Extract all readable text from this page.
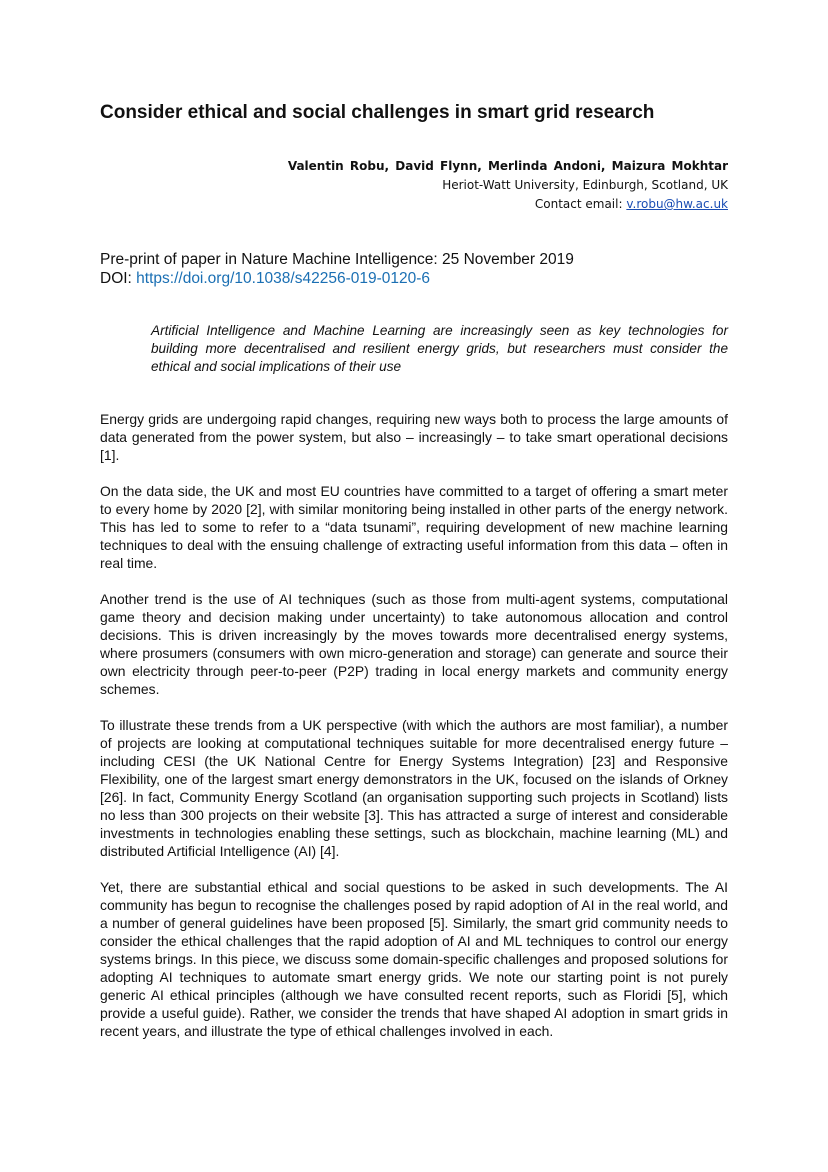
Consider ethical and social challenges in smart grid research
Valentin Robu, David Flynn, Merlinda Andoni, Maizura Mokhtar
Heriot-Watt University, Edinburgh, Scotland, UK
Contact email: v.robu@hw.ac.uk
Pre-print of paper in Nature Machine Intelligence: 25 November 2019
DOI: https://doi.org/10.1038/s42256-019-0120-6

Artificial Intelligence and Machine Learning are increasingly seen as key technologies for building more decentralised and resilient energy grids, but researchers must consider the ethical and social implications of their use

Energy grids are undergoing rapid changes, requiring new ways both to process the large amounts of data generated from the power system, but also – increasingly – to take smart operational decisions [1].

On the data side, the UK and most EU countries have committed to a target of offering a smart meter to every home by 2020 [2], with similar monitoring being installed in other parts of the energy network. This has led to some to refer to a “data tsunami”, requiring development of new machine learning techniques to deal with the ensuing challenge of extracting useful information from this data – often in real time.

Another trend is the use of AI techniques (such as those from multi-agent systems, computational game theory and decision making under uncertainty) to take autonomous allocation and control decisions. This is driven increasingly by the moves towards more decentralised energy systems, where prosumers (consumers with own micro-generation and storage) can generate and source their own electricity through peer-to-peer (P2P) trading in local energy markets and community energy schemes.

To illustrate these trends from a UK perspective (with which the authors are most familiar), a number of projects are looking at computational techniques suitable for more decentralised energy future – including CESI (the UK National Centre for Energy Systems Integration) [23] and Responsive Flexibility, one of the largest smart energy demonstrators in the UK, focused on the islands of Orkney [26]. In fact, Community Energy Scotland (an organisation supporting such projects in Scotland) lists no less than 300 projects on their website [3]. This has attracted a surge of interest and considerable investments in technologies enabling these settings, such as blockchain, machine learning (ML) and distributed Artificial Intelligence (AI) [4].

Yet, there are substantial ethical and social questions to be asked in such developments. The AI community has begun to recognise the challenges posed by rapid adoption of AI in the real world, and a number of general guidelines have been proposed [5]. Similarly, the smart grid community needs to consider the ethical challenges that the rapid adoption of AI and ML techniques to control our energy systems brings. In this piece, we discuss some domain-specific challenges and proposed solutions for adopting AI techniques to automate smart energy grids. We note our starting point is not purely generic AI ethical principles (although we have consulted recent reports, such as Floridi [5], which provide a useful guide). Rather, we consider the trends that have shaped AI adoption in smart grids in recent years, and illustrate the type of ethical challenges involved in each.
